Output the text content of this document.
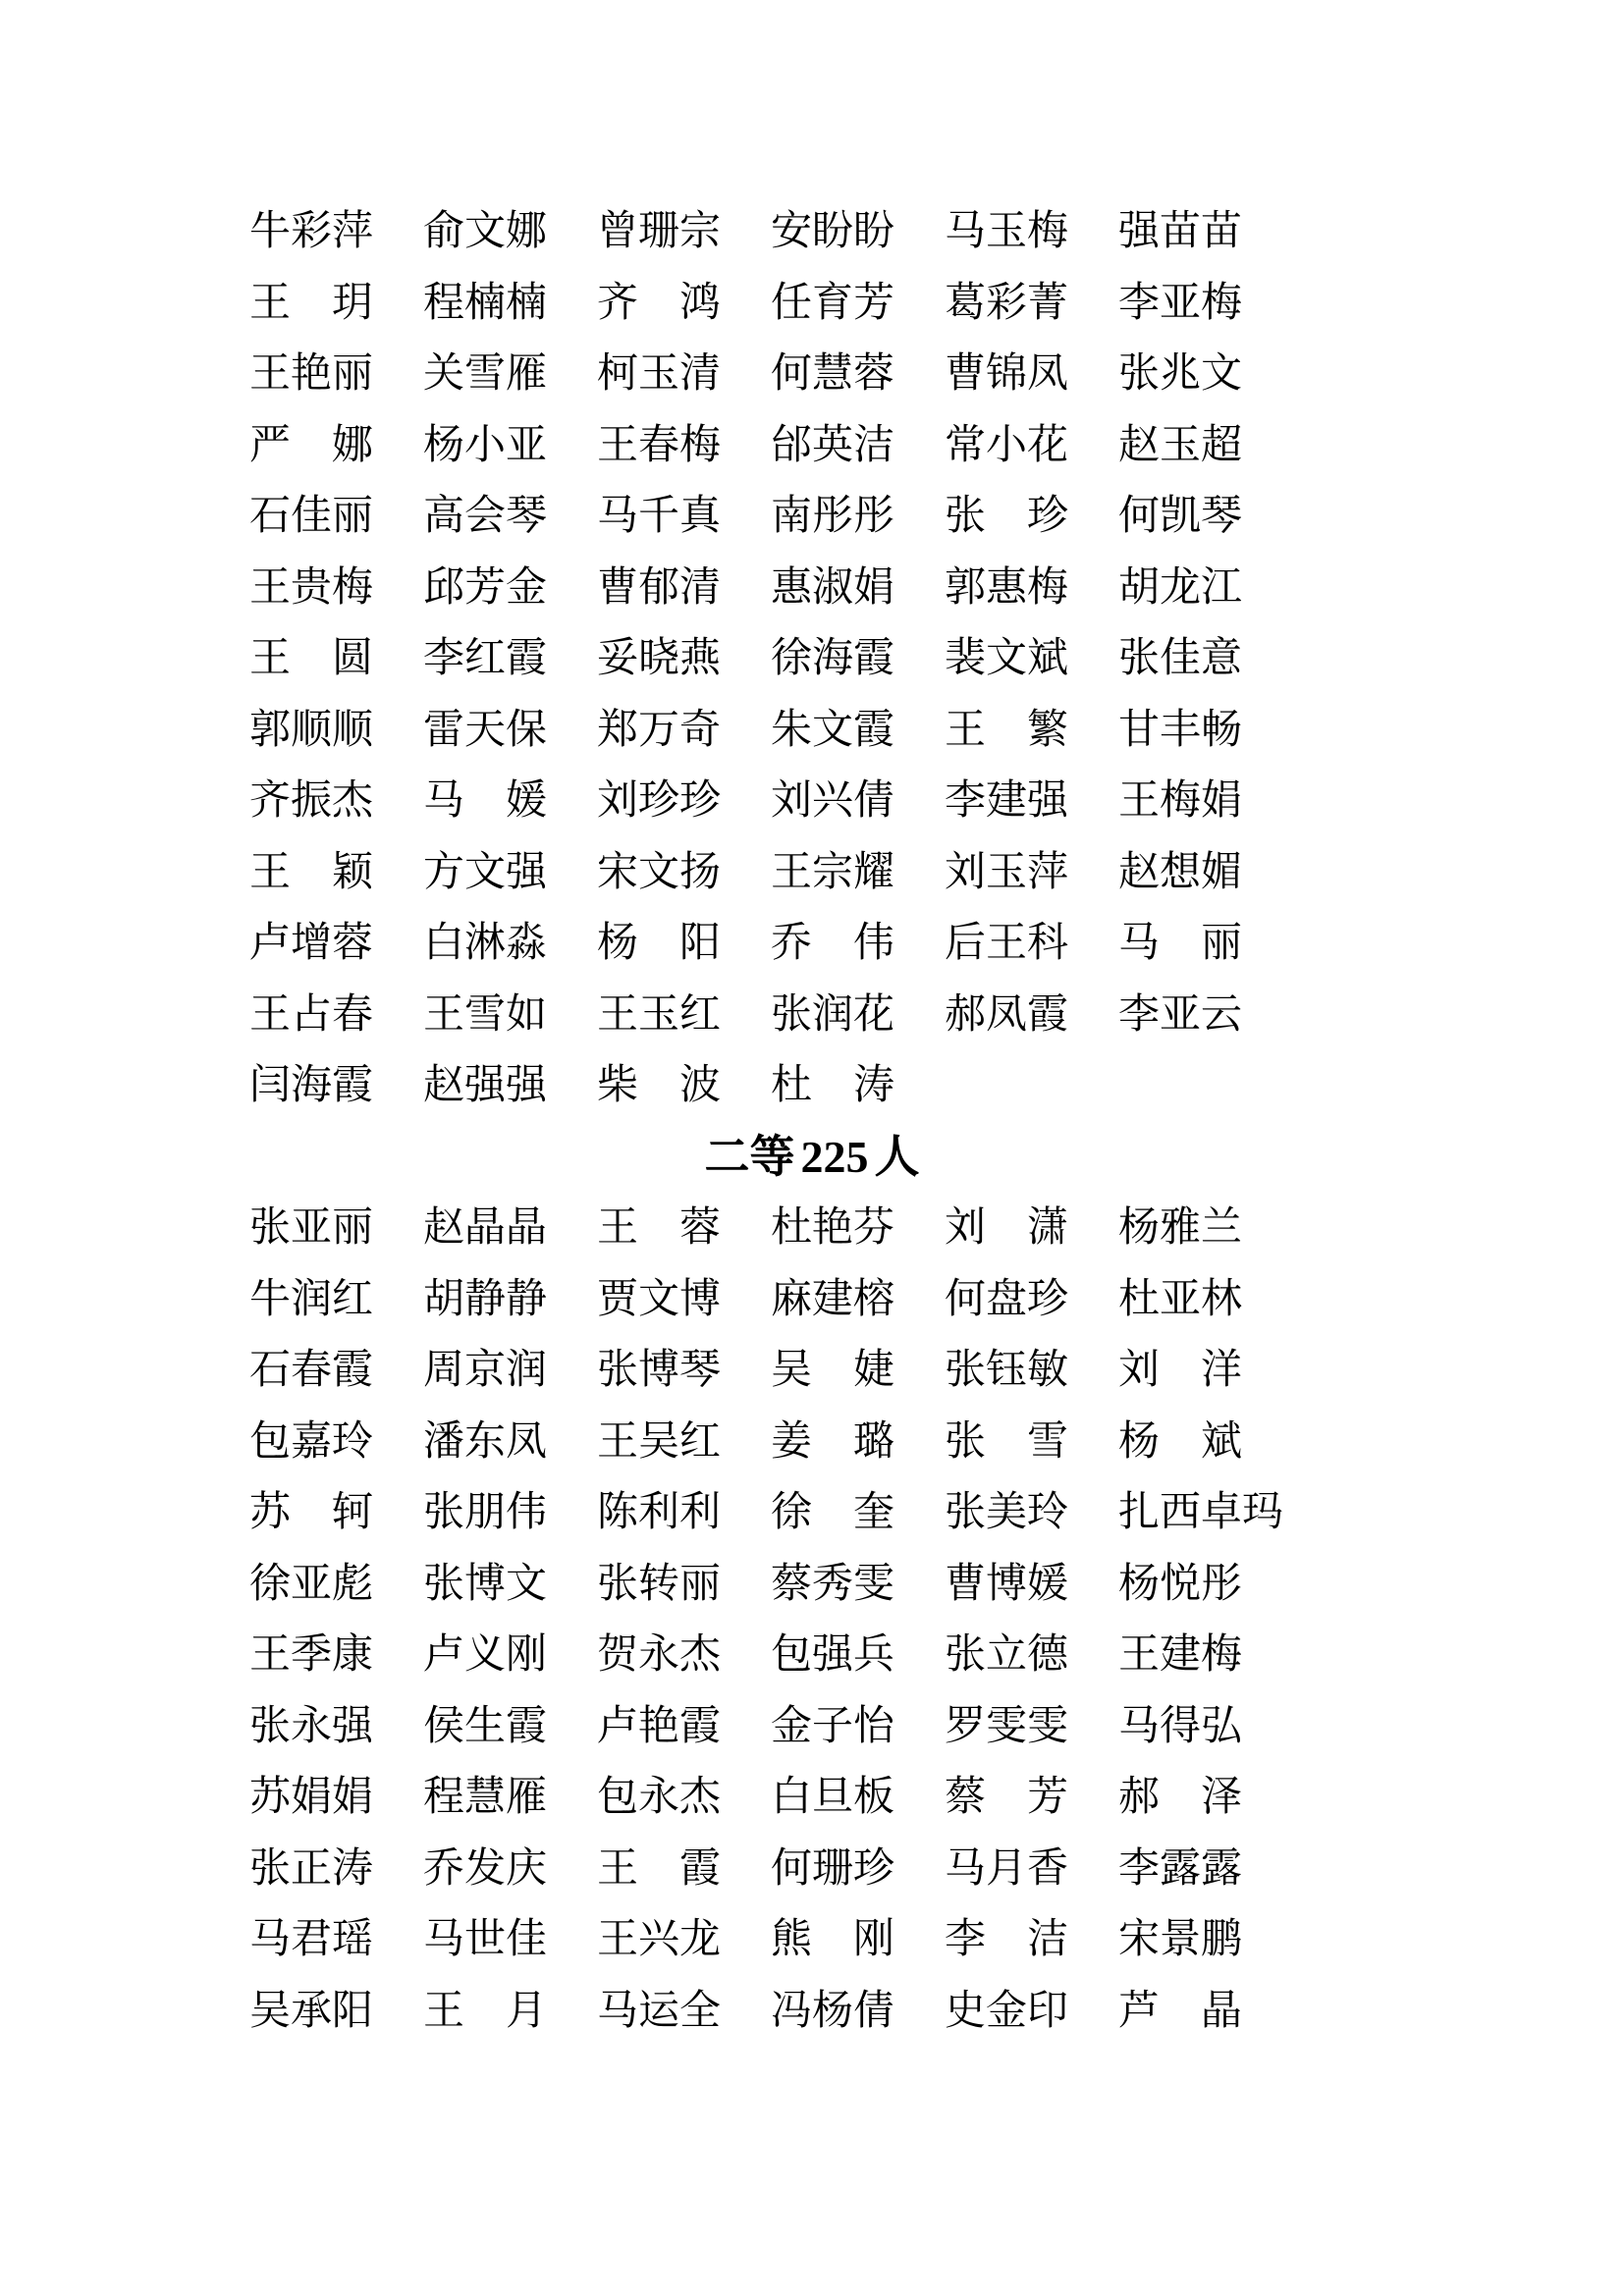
牛彩萍	俞文娜	曾珊宗	安盼盼	马玉梅	强苗苗
王　玥	程楠楠	齐　鸿	任育芳	葛彩菁	李亚梅
王艳丽	关雪雁	柯玉清	何慧蓉	曹锦凤	张兆文
严　娜	杨小亚	王春梅	邰英洁	常小花	赵玉超
石佳丽	高会琴	马千真	南彤彤	张　珍	何凯琴
王贵梅	邱芳金	曹郁清	惠淑娟	郭惠梅	胡龙江
王　圆	李红霞	妥晓燕	徐海霞	裴文斌	张佳意
郭顺顺	雷天保	郑万奇	朱文霞	王　繁	甘丰畅
齐振杰	马　媛	刘珍珍	刘兴倩	李建强	王梅娟
王　颖	方文强	宋文扬	王宗耀	刘玉萍	赵想媚
卢增蓉	白淋淼	杨　阳	乔　伟	后王科	马　丽
王占春	王雪如	王玉红	张润花	郝凤霞	李亚云
闫海霞	赵强强	柴　波	杜　涛
二等 225 人
张亚丽	赵晶晶	王　蓉	杜艳芬	刘　潇	杨雅兰
牛润红	胡静静	贾文博	麻建榕	何盘珍	杜亚林
石春霞	周京润	张博琴	吴　婕	张钰敏	刘　洋
包嘉玲	潘东凤	王吴红	姜　璐	张　雪	杨　斌
苏　轲	张朋伟	陈利利	徐　奎	张美玲	扎西卓玛
徐亚彪	张博文	张转丽	蔡秀雯	曹博媛	杨悦彤
王季康	卢义刚	贺永杰	包强兵	张立德	王建梅
张永强	侯生霞	卢艳霞	金子怡	罗雯雯	马得弘
苏娟娟	程慧雁	包永杰	白旦板	蔡　芳	郝　泽
张正涛	乔发庆	王　霞	何珊珍	马月香	李露露
马君瑶	马世佳	王兴龙	熊　刚	李　洁	宋景鹏
吴承阳	王　月	马运全	冯杨倩	史金印	芦　晶
